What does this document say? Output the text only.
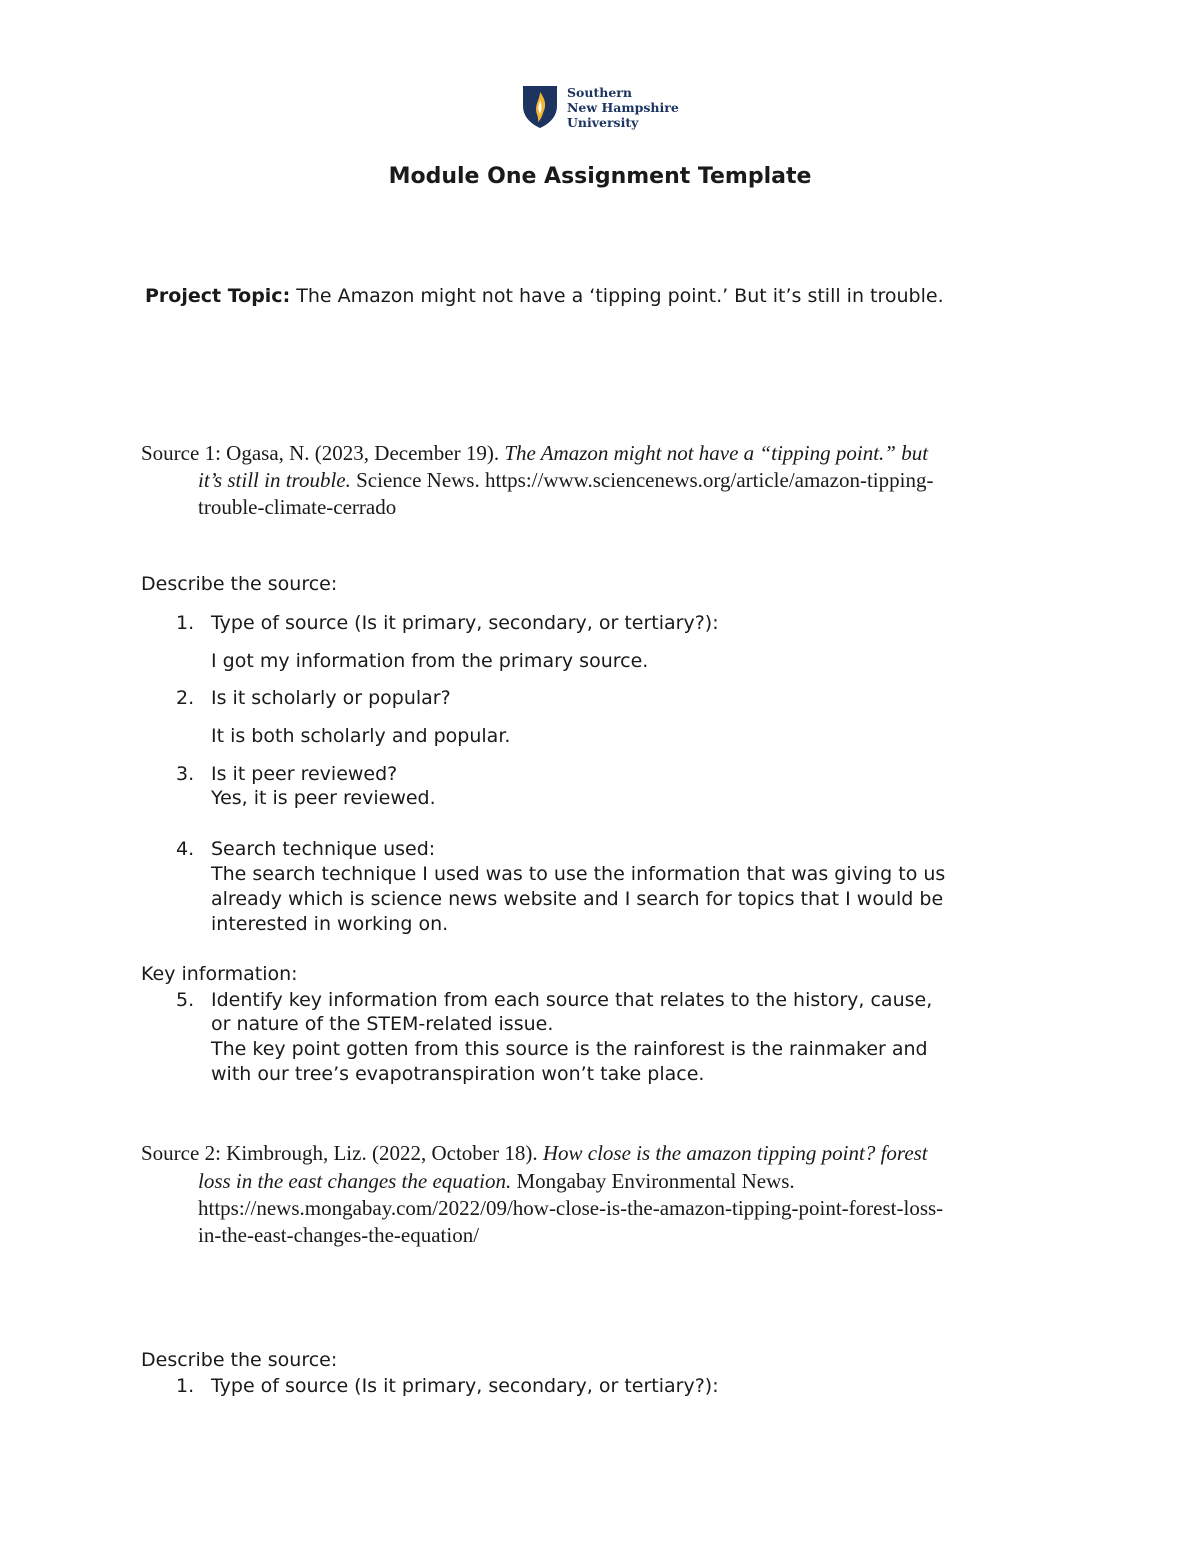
Southern
New Hampshire
University
Module One Assignment Template
Project Topic: The Amazon might not have a ‘tipping point.’ But it’s still in trouble.
Source 1: Ogasa, N. (2023, December 19). The Amazon might not have a “tipping point.” but
it’s still in trouble. Science News. https://www.sciencenews.org/article/amazon-tipping-
trouble-climate-cerrado
Describe the source:
1. Type of source (Is it primary, secondary, or tertiary?):
I got my information from the primary source.
2. Is it scholarly or popular?
It is both scholarly and popular.
3. Is it peer reviewed?
Yes, it is peer reviewed.
4. Search technique used:
The search technique I used was to use the information that was giving to us
already which is science news website and I search for topics that I would be
interested in working on.
Key information:
5. Identify key information from each source that relates to the history, cause,
or nature of the STEM-related issue.
The key point gotten from this source is the rainforest is the rainmaker and
with our tree’s evapotranspiration won’t take place.
Source 2: Kimbrough, Liz. (2022, October 18). How close is the amazon tipping point? forest
loss in the east changes the equation. Mongabay Environmental News.
https://news.mongabay.com/2022/09/how-close-is-the-amazon-tipping-point-forest-loss-
in-the-east-changes-the-equation/
Describe the source:
1. Type of source (Is it primary, secondary, or tertiary?):
